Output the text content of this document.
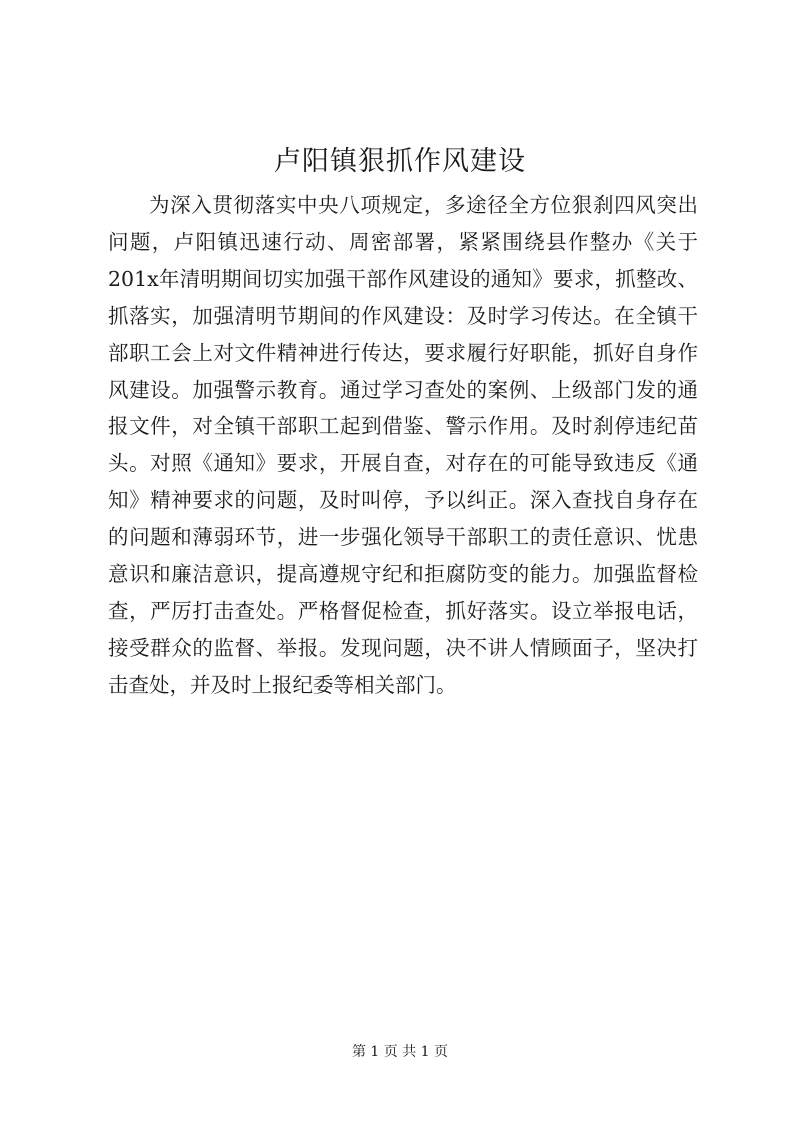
卢阳镇狠抓作风建设

为深入贯彻落实中央八项规定，多途径全方位狠刹四风突出问题，卢阳镇迅速行动、周密部署，紧紧围绕县作整办《关于201x年清明期间切实加强干部作风建设的通知》要求，抓整改、抓落实，加强清明节期间的作风建设：及时学习传达。在全镇干部职工会上对文件精神进行传达，要求履行好职能，抓好自身作风建设。加强警示教育。通过学习查处的案例、上级部门发的通报文件，对全镇干部职工起到借鉴、警示作用。及时刹停违纪苗头。对照《通知》要求，开展自查，对存在的可能导致违反《通知》精神要求的问题，及时叫停，予以纠正。深入查找自身存在的问题和薄弱环节，进一步强化领导干部职工的责任意识、忧患意识和廉洁意识，提高遵规守纪和拒腐防变的能力。加强监督检查，严厉打击查处。严格督促检查，抓好落实。设立举报电话，接受群众的监督、举报。发现问题，决不讲人情顾面子，坚决打击查处，并及时上报纪委等相关部门。

第 1 页 共 1 页
